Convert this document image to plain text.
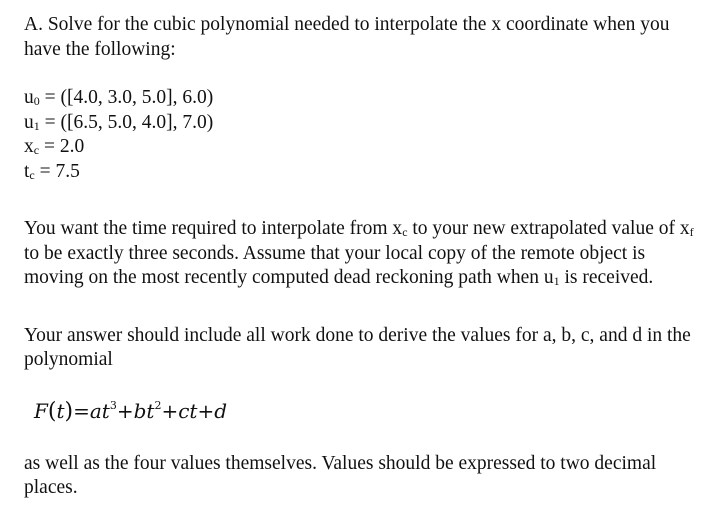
A. Solve for the cubic polynomial needed to interpolate the x coordinate when you have the following:

$u_0 = ([4.0$, 3.0, 5.0], 6.0)
$u_1 = ([6.5$, 5.0, 4.0], 7.0)
$x_c = 2.0$
$t_c = 7.5$

You want the time required to interpolate from $x_c$ to your new extrapolated value of $x_f$ to be exactly three seconds. Assume that your local copy of the remote object is moving on the most recently computed dead reckoning path when $u_1$ is received.

Your answer should include all work done to derive the values for a, b, c, and d in the polynomial

$F(t)=at^3+bt^2+ct+d$

as well as the four values themselves. Values should be expressed to two decimal places.
